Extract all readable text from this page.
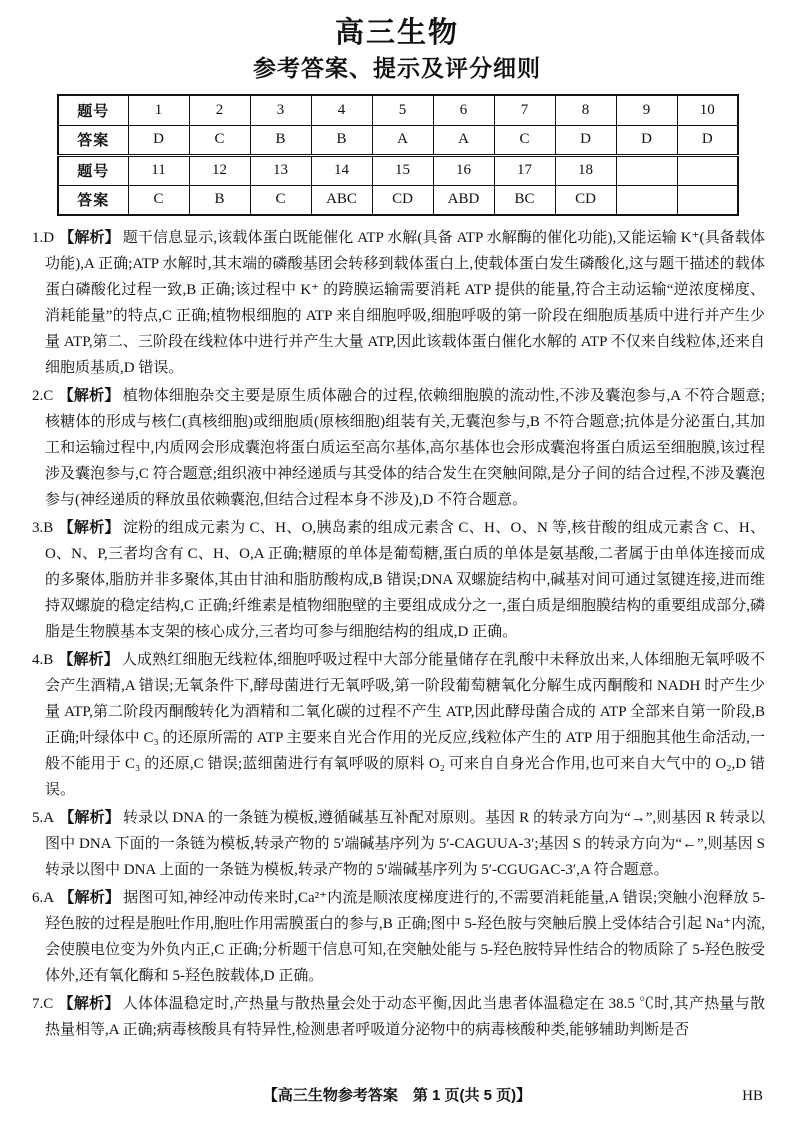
高三生物
参考答案、提示及评分细则
题号	1	2	3	4	5	6	7	8	9	10
答案	D	C	B	B	A	A	C	D	D	D
题号	11	12	13	14	15	16	17	18		
答案	C	B	C	ABC	CD	ABD	BC	CD		

1.D 【解析】 题干信息显示,该载体蛋白既能催化 ATP 水解(具备 ATP 水解酶的催化功能),又能运输 K⁺(具备载体功能),A 正确;ATP 水解时,其末端的磷酸基团会转移到载体蛋白上,使载体蛋白发生磷酸化,这与题干描述的载体蛋白磷酸化过程一致,B 正确;该过程中 K⁺ 的跨膜运输需要消耗 ATP 提供的能量,符合主动运输“逆浓度梯度、消耗能量”的特点,C 正确;植物根细胞的 ATP 来自细胞呼吸,细胞呼吸的第一阶段在细胞质基质中进行并产生少量 ATP,第二、三阶段在线粒体中进行并产生大量 ATP,因此该载体蛋白催化水解的 ATP 不仅来自线粒体,还来自细胞质基质,D 错误。

2.C 【解析】 植物体细胞杂交主要是原生质体融合的过程,依赖细胞膜的流动性,不涉及囊泡参与,A 不符合题意;核糖体的形成与核仁(真核细胞)或细胞质(原核细胞)组装有关,无囊泡参与,B 不符合题意;抗体是分泌蛋白,其加工和运输过程中,内质网会形成囊泡将蛋白质运至高尔基体,高尔基体也会形成囊泡将蛋白质运至细胞膜,该过程涉及囊泡参与,C 符合题意;组织液中神经递质与其受体的结合发生在突触间隙,是分子间的结合过程,不涉及囊泡参与(神经递质的释放虽依赖囊泡,但结合过程本身不涉及),D 不符合题意。

3.B 【解析】 淀粉的组成元素为 C、H、O,胰岛素的组成元素含 C、H、O、N 等,核苷酸的组成元素含 C、H、O、N、P,三者均含有 C、H、O,A 正确;糖原的单体是葡萄糖,蛋白质的单体是氨基酸,二者属于由单体连接而成的多聚体,脂肪并非多聚体,其由甘油和脂肪酸构成,B 错误;DNA 双螺旋结构中,碱基对间可通过氢键连接,进而维持双螺旋的稳定结构,C 正确;纤维素是植物细胞壁的主要组成成分之一,蛋白质是细胞膜结构的重要组成部分,磷脂是生物膜基本支架的核心成分,三者均可参与细胞结构的组成,D 正确。

4.B 【解析】 人成熟红细胞无线粒体,细胞呼吸过程中大部分能量储存在乳酸中未释放出来,人体细胞无氧呼吸不会产生酒精,A 错误;无氧条件下,酵母菌进行无氧呼吸,第一阶段葡萄糖氧化分解生成丙酮酸和 NADH 时产生少量 ATP,第二阶段丙酮酸转化为酒精和二氧化碳的过程不产生 ATP,因此酵母菌合成的 ATP 全部来自第一阶段,B 正确;叶绿体中 C₃ 的还原所需的 ATP 主要来自光合作用的光反应,线粒体产生的 ATP 用于细胞其他生命活动,一般不能用于 C₃ 的还原,C 错误;蓝细菌进行有氧呼吸的原料 O₂ 可来自自身光合作用,也可来自大气中的 O₂,D 错误。

5.A 【解析】 转录以 DNA 的一条链为模板,遵循碱基互补配对原则。基因 R 的转录方向为“→”,则基因 R 转录以图中 DNA 下面的一条链为模板,转录产物的 5′端碱基序列为 5′-CAGUUA-3′;基因 S 的转录方向为“←”,则基因 S 转录以图中 DNA 上面的一条链为模板,转录产物的 5′端碱基序列为 5′-CGUGAC-3′,A 符合题意。

6.A 【解析】 据图可知,神经冲动传来时,Ca²⁺内流是顺浓度梯度进行的,不需要消耗能量,A 错误;突触小泡释放 5-羟色胺的过程是胞吐作用,胞吐作用需膜蛋白的参与,B 正确;图中 5-羟色胺与突触后膜上受体结合引起 Na⁺内流,会使膜电位变为外负内正,C 正确;分析题干信息可知,在突触处能与 5-羟色胺特异性结合的物质除了 5-羟色胺受体外,还有氧化酶和 5-羟色胺载体,D 正确。

7.C 【解析】 人体体温稳定时,产热量与散热量会处于动态平衡,因此当患者体温稳定在 38.5 ℃时,其产热量与散热量相等,A 正确;病毒核酸具有特异性,检测患者呼吸道分泌物中的病毒核酸种类,能够辅助判断是否

【高三生物参考答案　第 1 页(共 5 页)】	HB
